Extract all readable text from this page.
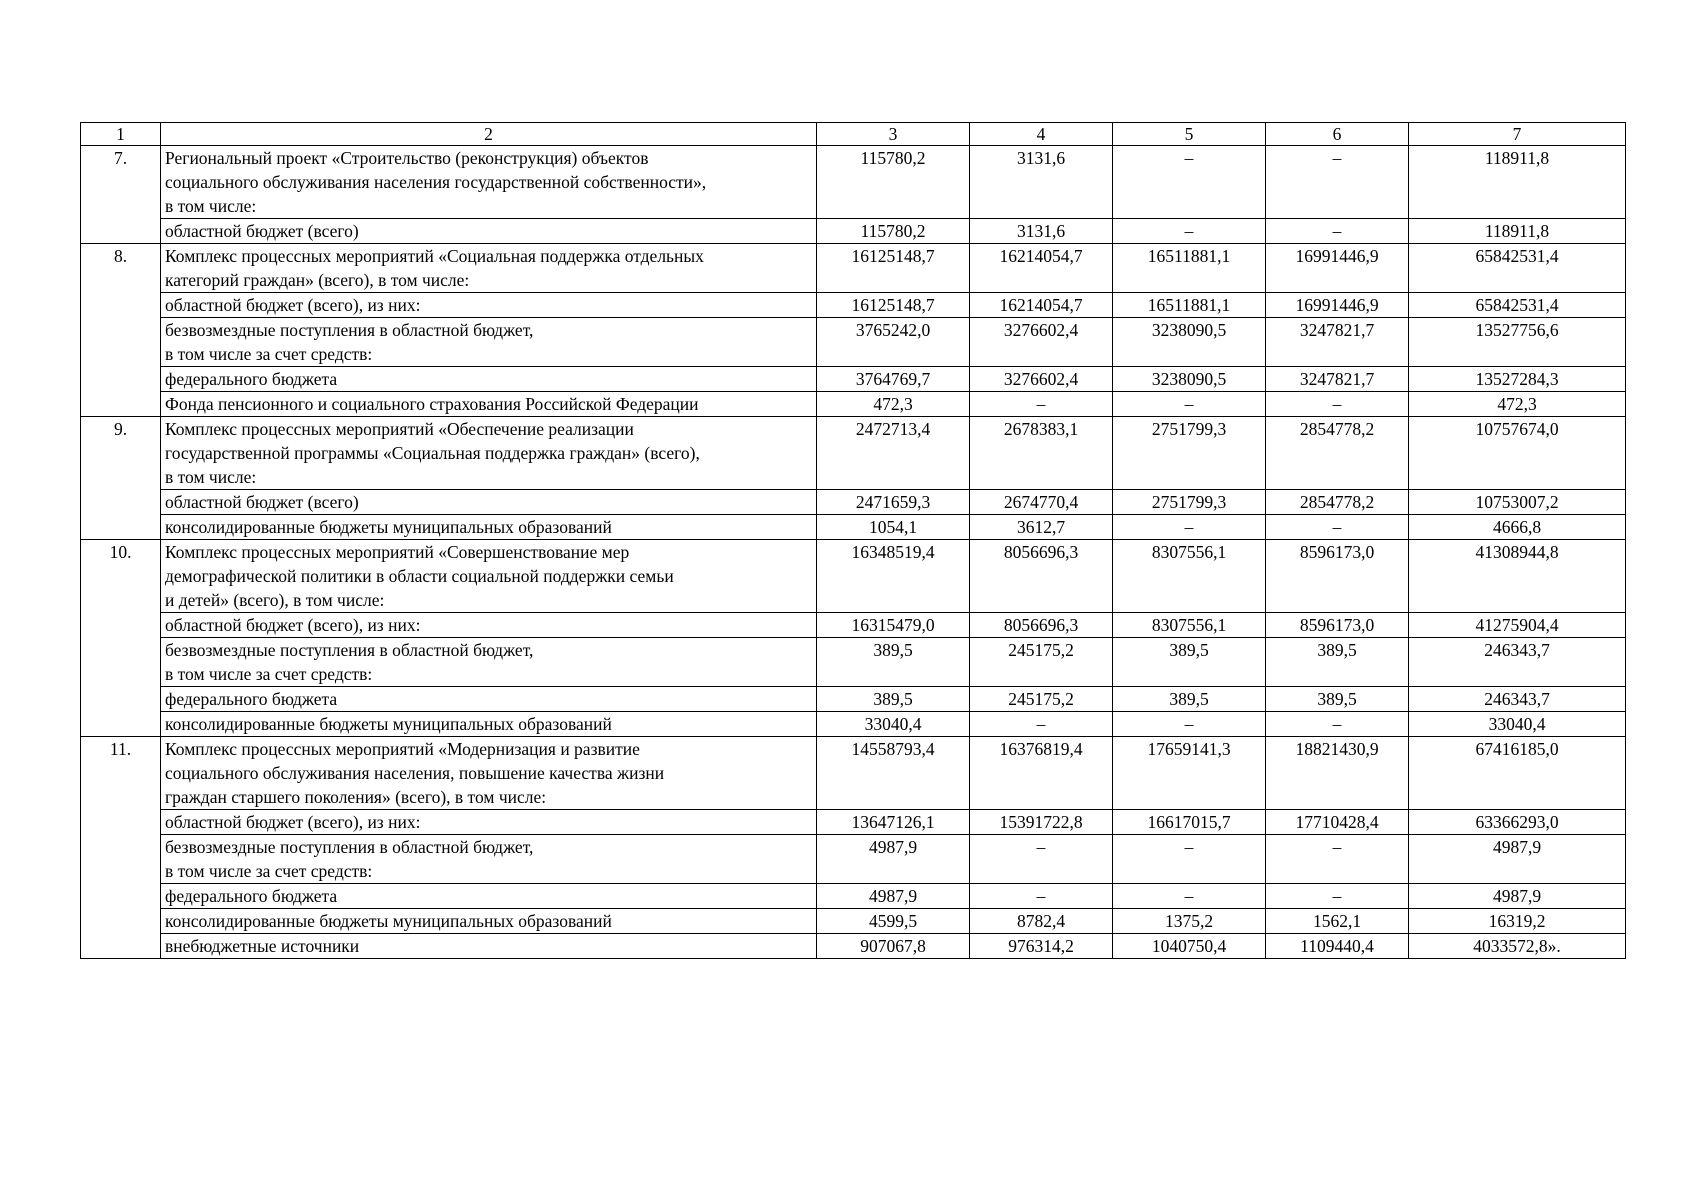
1	2	3	4	5	6	7
7.	Региональный проект «Строительство (реконструкция) объектов
социального обслуживания населения государственной собственности»,
в том числе:	115780,2	3131,6	–	–	118911,8
	областной бюджет (всего)	115780,2	3131,6	–	–	118911,8
8.	Комплекс процессных мероприятий «Социальная поддержка отдельных
категорий граждан» (всего), в том числе:	16125148,7	16214054,7	16511881,1	16991446,9	65842531,4
	областной бюджет (всего), из них:	16125148,7	16214054,7	16511881,1	16991446,9	65842531,4
	безвозмездные поступления в областной бюджет,
в том числе за счет средств:	3765242,0	3276602,4	3238090,5	3247821,7	13527756,6
	федерального бюджета	3764769,7	3276602,4	3238090,5	3247821,7	13527284,3
	Фонда пенсионного и социального страхования Российской Федерации	472,3	–	–	–	472,3
9.	Комплекс процессных мероприятий «Обеспечение реализации
государственной программы «Социальная поддержка граждан» (всего),
в том числе:	2472713,4	2678383,1	2751799,3	2854778,2	10757674,0
	областной бюджет (всего)	2471659,3	2674770,4	2751799,3	2854778,2	10753007,2
	консолидированные бюджеты муниципальных образований	1054,1	3612,7	–	–	4666,8
10.	Комплекс процессных мероприятий «Совершенствование мер
демографической политики в области социальной поддержки семьи
и детей» (всего), в том числе:	16348519,4	8056696,3	8307556,1	8596173,0	41308944,8
	областной бюджет (всего), из них:	16315479,0	8056696,3	8307556,1	8596173,0	41275904,4
	безвозмездные поступления в областной бюджет,
в том числе за счет средств:	389,5	245175,2	389,5	389,5	246343,7
	федерального бюджета	389,5	245175,2	389,5	389,5	246343,7
	консолидированные бюджеты муниципальных образований	33040,4	–	–	–	33040,4
11.	Комплекс процессных мероприятий «Модернизация и развитие
социального обслуживания населения, повышение качества жизни
граждан старшего поколения» (всего), в том числе:	14558793,4	16376819,4	17659141,3	18821430,9	67416185,0
	областной бюджет (всего), из них:	13647126,1	15391722,8	16617015,7	17710428,4	63366293,0
	безвозмездные поступления в областной бюджет,
в том числе за счет средств:	4987,9	–	–	–	4987,9
	федерального бюджета	4987,9	–	–	–	4987,9
	консолидированные бюджеты муниципальных образований	4599,5	8782,4	1375,2	1562,1	16319,2
	внебюджетные источники	907067,8	976314,2	1040750,4	1109440,4	4033572,8».
